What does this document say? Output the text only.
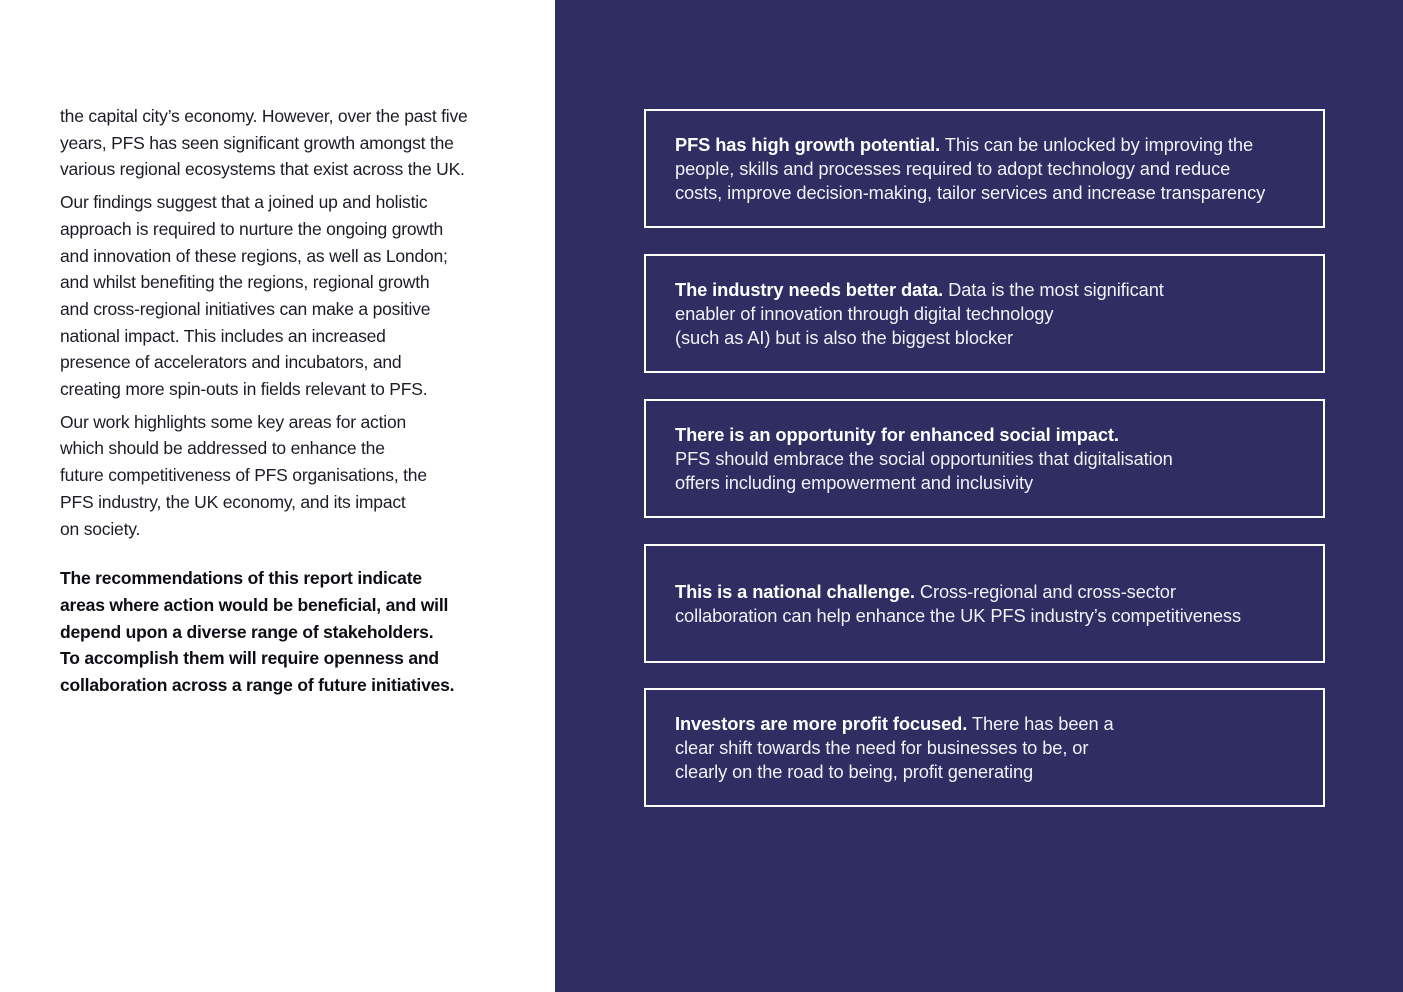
the capital city’s economy. However, over the past five
years, PFS has seen significant growth amongst the
various regional ecosystems that exist across the UK.

Our findings suggest that a joined up and holistic
approach is required to nurture the ongoing growth
and innovation of these regions, as well as London;
and whilst benefiting the regions, regional growth
and cross-regional initiatives can make a positive
national impact. This includes an increased
presence of accelerators and incubators, and
creating more spin-outs in fields relevant to PFS.

Our work highlights some key areas for action
which should be addressed to enhance the
future competitiveness of PFS organisations, the
PFS industry, the UK economy, and its impact
on society.

The recommendations of this report indicate
areas where action would be beneficial, and will
depend upon a diverse range of stakeholders.
To accomplish them will require openness and
collaboration across a range of future initiatives.

PFS has high growth potential. This can be unlocked by improving the
people, skills and processes required to adopt technology and reduce
costs, improve decision-making, tailor services and increase transparency
The industry needs better data. Data is the most significant
enabler of innovation through digital technology
(such as AI) but is also the biggest blocker
There is an opportunity for enhanced social impact.
PFS should embrace the social opportunities that digitalisation
offers including empowerment and inclusivity
This is a national challenge. Cross-regional and cross-sector
collaboration can help enhance the UK PFS industry’s competitiveness
Investors are more profit focused. There has been a
clear shift towards the need for businesses to be, or
clearly on the road to being, profit generating
